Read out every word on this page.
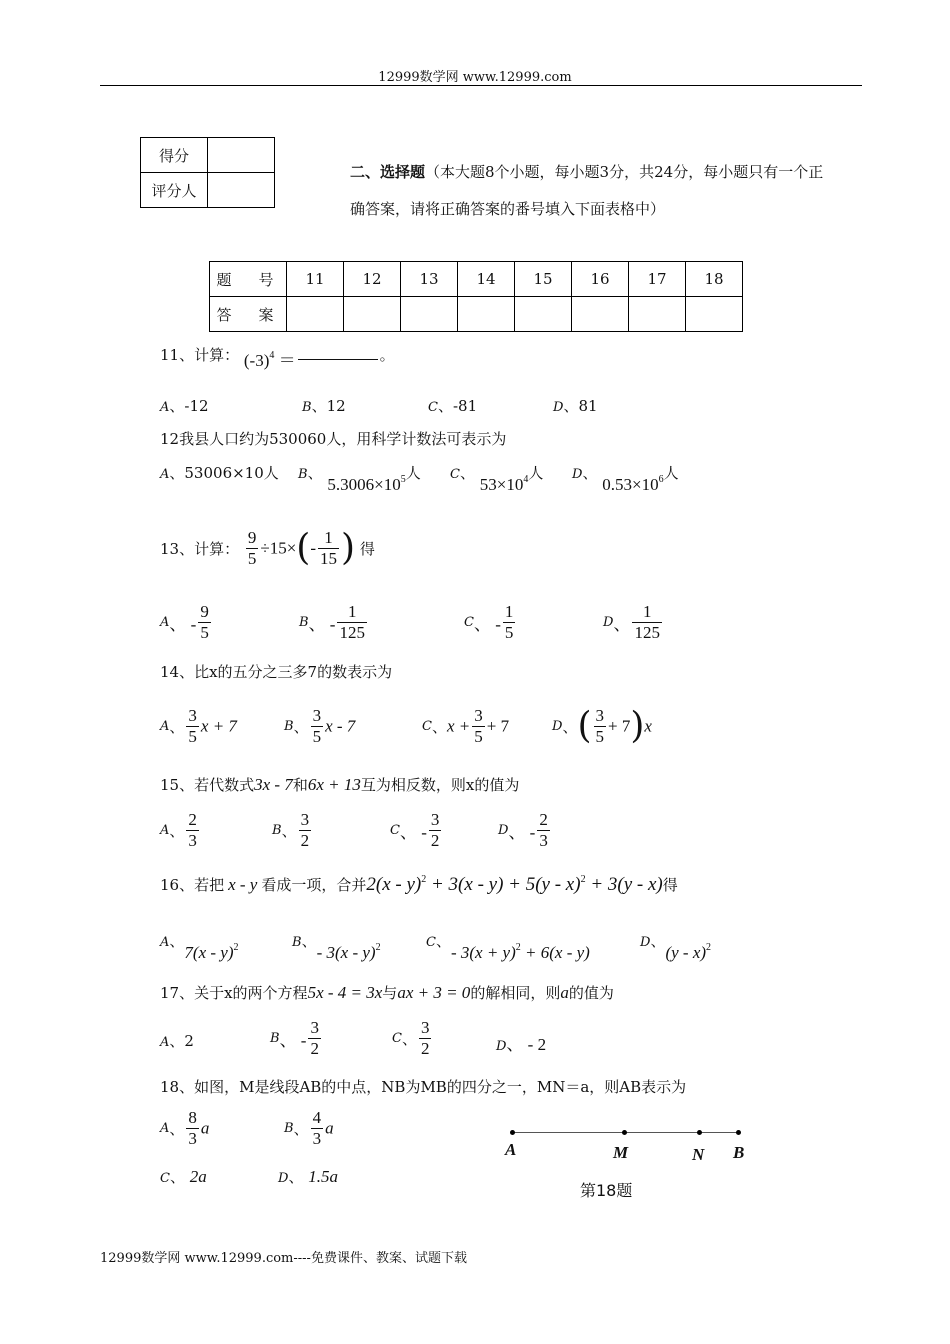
12999数学网 www.12999.com
得分	
评分人	
二、选择题（本大题8个小题，每小题3分，共24分，每小题只有一个正
确答案，请将正确答案的番号填入下面表格中）
题　号	11	12	13	14	15	16	17	18
答　案								
11、计算： $(-3)^4$ ＝	。
A、-12	B、12	C、-81	D、81
12我县人口约为530060人，用科学计数法可表示为
A、53006×10人 B、 $5.3006\times 10^5$人 C、 $53\times 10^4$人 D、 $0.53\times 10^6$人
13、计算： $\frac{9}{5} \div 15\times(- \frac{1}{15}$ ) 得
A、 - $\frac{9}{5}$	B、 - $\frac{1}{125}$	C、 - $\frac{1}{5}$	D、 $\frac{1}{125}$
14、比x的五分之三多7的数表示为
A、 $\frac{3}{5}$ x + 7	B、 $\frac{3}{5}$ x - 7	C、$x + \frac{3}{5} + 7$	D、( $\frac{3}{5} + 7)x$
15、若代数式3x - 7和6x + 13互为相反数，则x的值为
A、 $\frac{2}{3}$	B、 $\frac{3}{2}$	C、 - $\frac{3}{2}$	D、 - $\frac{2}{3}$
16、若把 x - y 看成一项，合并2(x - y)$^2$ + 3(x - y) + 5(y - x)$^2$ + 3(y - x)得
A、7(x - y)$^2$	B、- 3(x - y)$^2$	C、- $3(x + y)^2 + 6(x - y)$
D、(y - x)$^2$
17、关于x的两个方程5x - 4 = 3x与ax + 3 = 0的解相同，则a的值为
A、2	B、 - $\frac{3}{2}$	C、 $\frac{3}{2}$	D、 - 2
18、如图，M是线段AB的中点，NB为MB的四分之一，MN＝a，则AB表示为
A、 $\frac{8}{3}$ a	B、 $\frac{4}{3}$ a
C、 2a	D、 1.5a
A	M	N B
第18题
12999数学网 www.12999.com----免费课件、教案、试题下载
